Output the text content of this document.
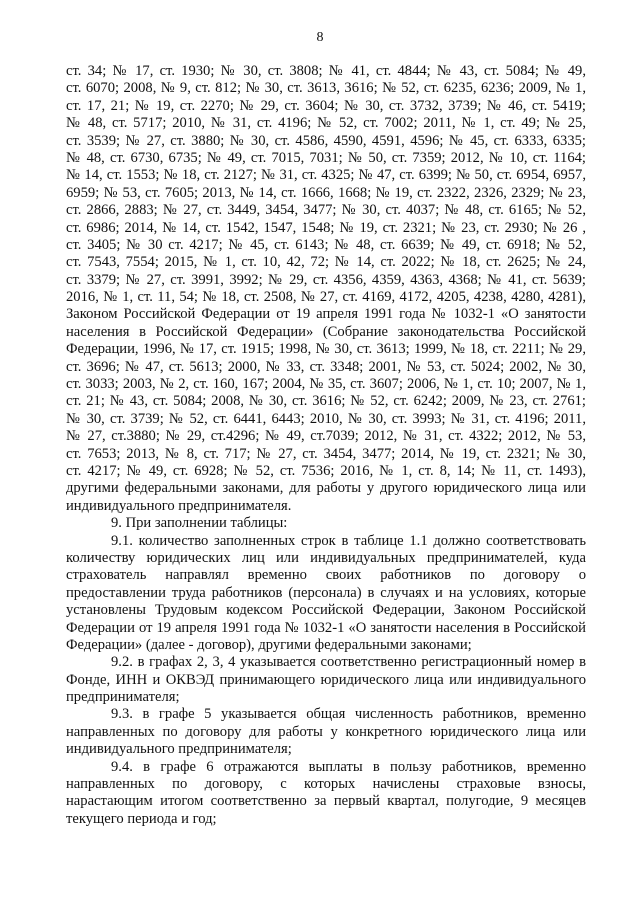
8
ст. 34; № 17, ст. 1930; № 30, ст. 3808; № 41, ст. 4844; № 43, ст. 5084; № 49,
ст. 6070; 2008, № 9, ст. 812; № 30, ст. 3613, 3616; № 52, ст. 6235, 6236; 2009, № 1,
ст. 17, 21; № 19, ст. 2270; № 29, ст. 3604; № 30, ст. 3732, 3739; № 46, ст. 5419;
№ 48, ст. 5717; 2010, № 31, ст. 4196; № 52, ст. 7002; 2011, № 1, ст. 49; № 25,
ст. 3539; № 27, ст. 3880; № 30, ст. 4586, 4590, 4591, 4596; № 45, ст. 6333, 6335;
№ 48, ст. 6730, 6735; № 49, ст. 7015, 7031; № 50, ст. 7359; 2012, № 10, ст. 1164;
№ 14, ст. 1553; № 18, ст. 2127; № 31, ст. 4325; № 47, ст. 6399; № 50, ст. 6954, 6957,
6959; № 53, ст. 7605; 2013, № 14, ст. 1666, 1668; № 19, ст. 2322, 2326, 2329; № 23,
ст. 2866, 2883; № 27, ст. 3449, 3454, 3477; № 30, ст. 4037; № 48, ст. 6165; № 52,
ст. 6986; 2014, № 14, ст. 1542, 1547, 1548; № 19, ст. 2321; № 23, ст. 2930; № 26 ,
ст. 3405; № 30 ст. 4217; № 45, ст. 6143; № 48, ст. 6639; № 49, ст. 6918; № 52,
ст. 7543, 7554; 2015, № 1, ст. 10, 42, 72; № 14, ст. 2022; № 18, ст. 2625; № 24,
ст. 3379; № 27, ст. 3991, 3992; № 29, ст. 4356, 4359, 4363, 4368; № 41, ст. 5639;
2016, № 1, ст. 11, 54; № 18, ст. 2508, № 27, ст. 4169, 4172, 4205, 4238, 4280, 4281),
Законом Российской Федерации от 19 апреля 1991 года № 1032-1 «О занятости
населения в Российской Федерации» (Собрание законодательства Российской
Федерации, 1996, № 17, ст. 1915; 1998, № 30, ст. 3613; 1999, № 18, ст. 2211; № 29,
ст. 3696; № 47, ст. 5613; 2000, № 33, ст. 3348; 2001, № 53, ст. 5024; 2002, № 30,
ст. 3033; 2003, № 2, ст. 160, 167; 2004, № 35, ст. 3607; 2006, № 1, ст. 10; 2007, № 1,
ст. 21; № 43, ст. 5084; 2008, № 30, ст. 3616; № 52, ст. 6242; 2009, № 23, ст. 2761;
№ 30, ст. 3739; № 52, ст. 6441, 6443; 2010, № 30, ст. 3993; № 31, ст. 4196; 2011,
№ 27, ст.3880; № 29, ст.4296; № 49, ст.7039; 2012, № 31, ст. 4322; 2012, № 53,
ст. 7653; 2013, № 8, ст. 717; № 27, ст. 3454, 3477; 2014, № 19, ст. 2321; № 30,
ст. 4217; № 49, ст. 6928; № 52, ст. 7536; 2016, № 1, ст. 8, 14; № 11, ст. 1493),
другими федеральными законами, для работы у другого юридического лица или
индивидуального предпринимателя.
9. При заполнении таблицы:
9.1. количество заполненных строк в таблице 1.1 должно соответствовать
количеству юридических лиц или индивидуальных предпринимателей, куда
страхователь направлял временно своих работников по договору о
предоставлении труда работников (персонала) в случаях и на условиях, которые
установлены Трудовым кодексом Российской Федерации, Законом Российской
Федерации от 19 апреля 1991 года № 1032-1 «О занятости населения в Российской
Федерации» (далее - договор), другими федеральными законами;
9.2. в графах 2, 3, 4 указывается соответственно регистрационный номер в
Фонде, ИНН и ОКВЭД принимающего юридического лица или индивидуального
предпринимателя;
9.3. в графе 5 указывается общая численность работников, временно
направленных по договору для работы у конкретного юридического лица или
индивидуального предпринимателя;
9.4. в графе 6 отражаются выплаты в пользу работников, временно
направленных по договору, с которых начислены страховые взносы,
нарастающим итогом соответственно за первый квартал, полугодие, 9 месяцев
текущего периода и год;
